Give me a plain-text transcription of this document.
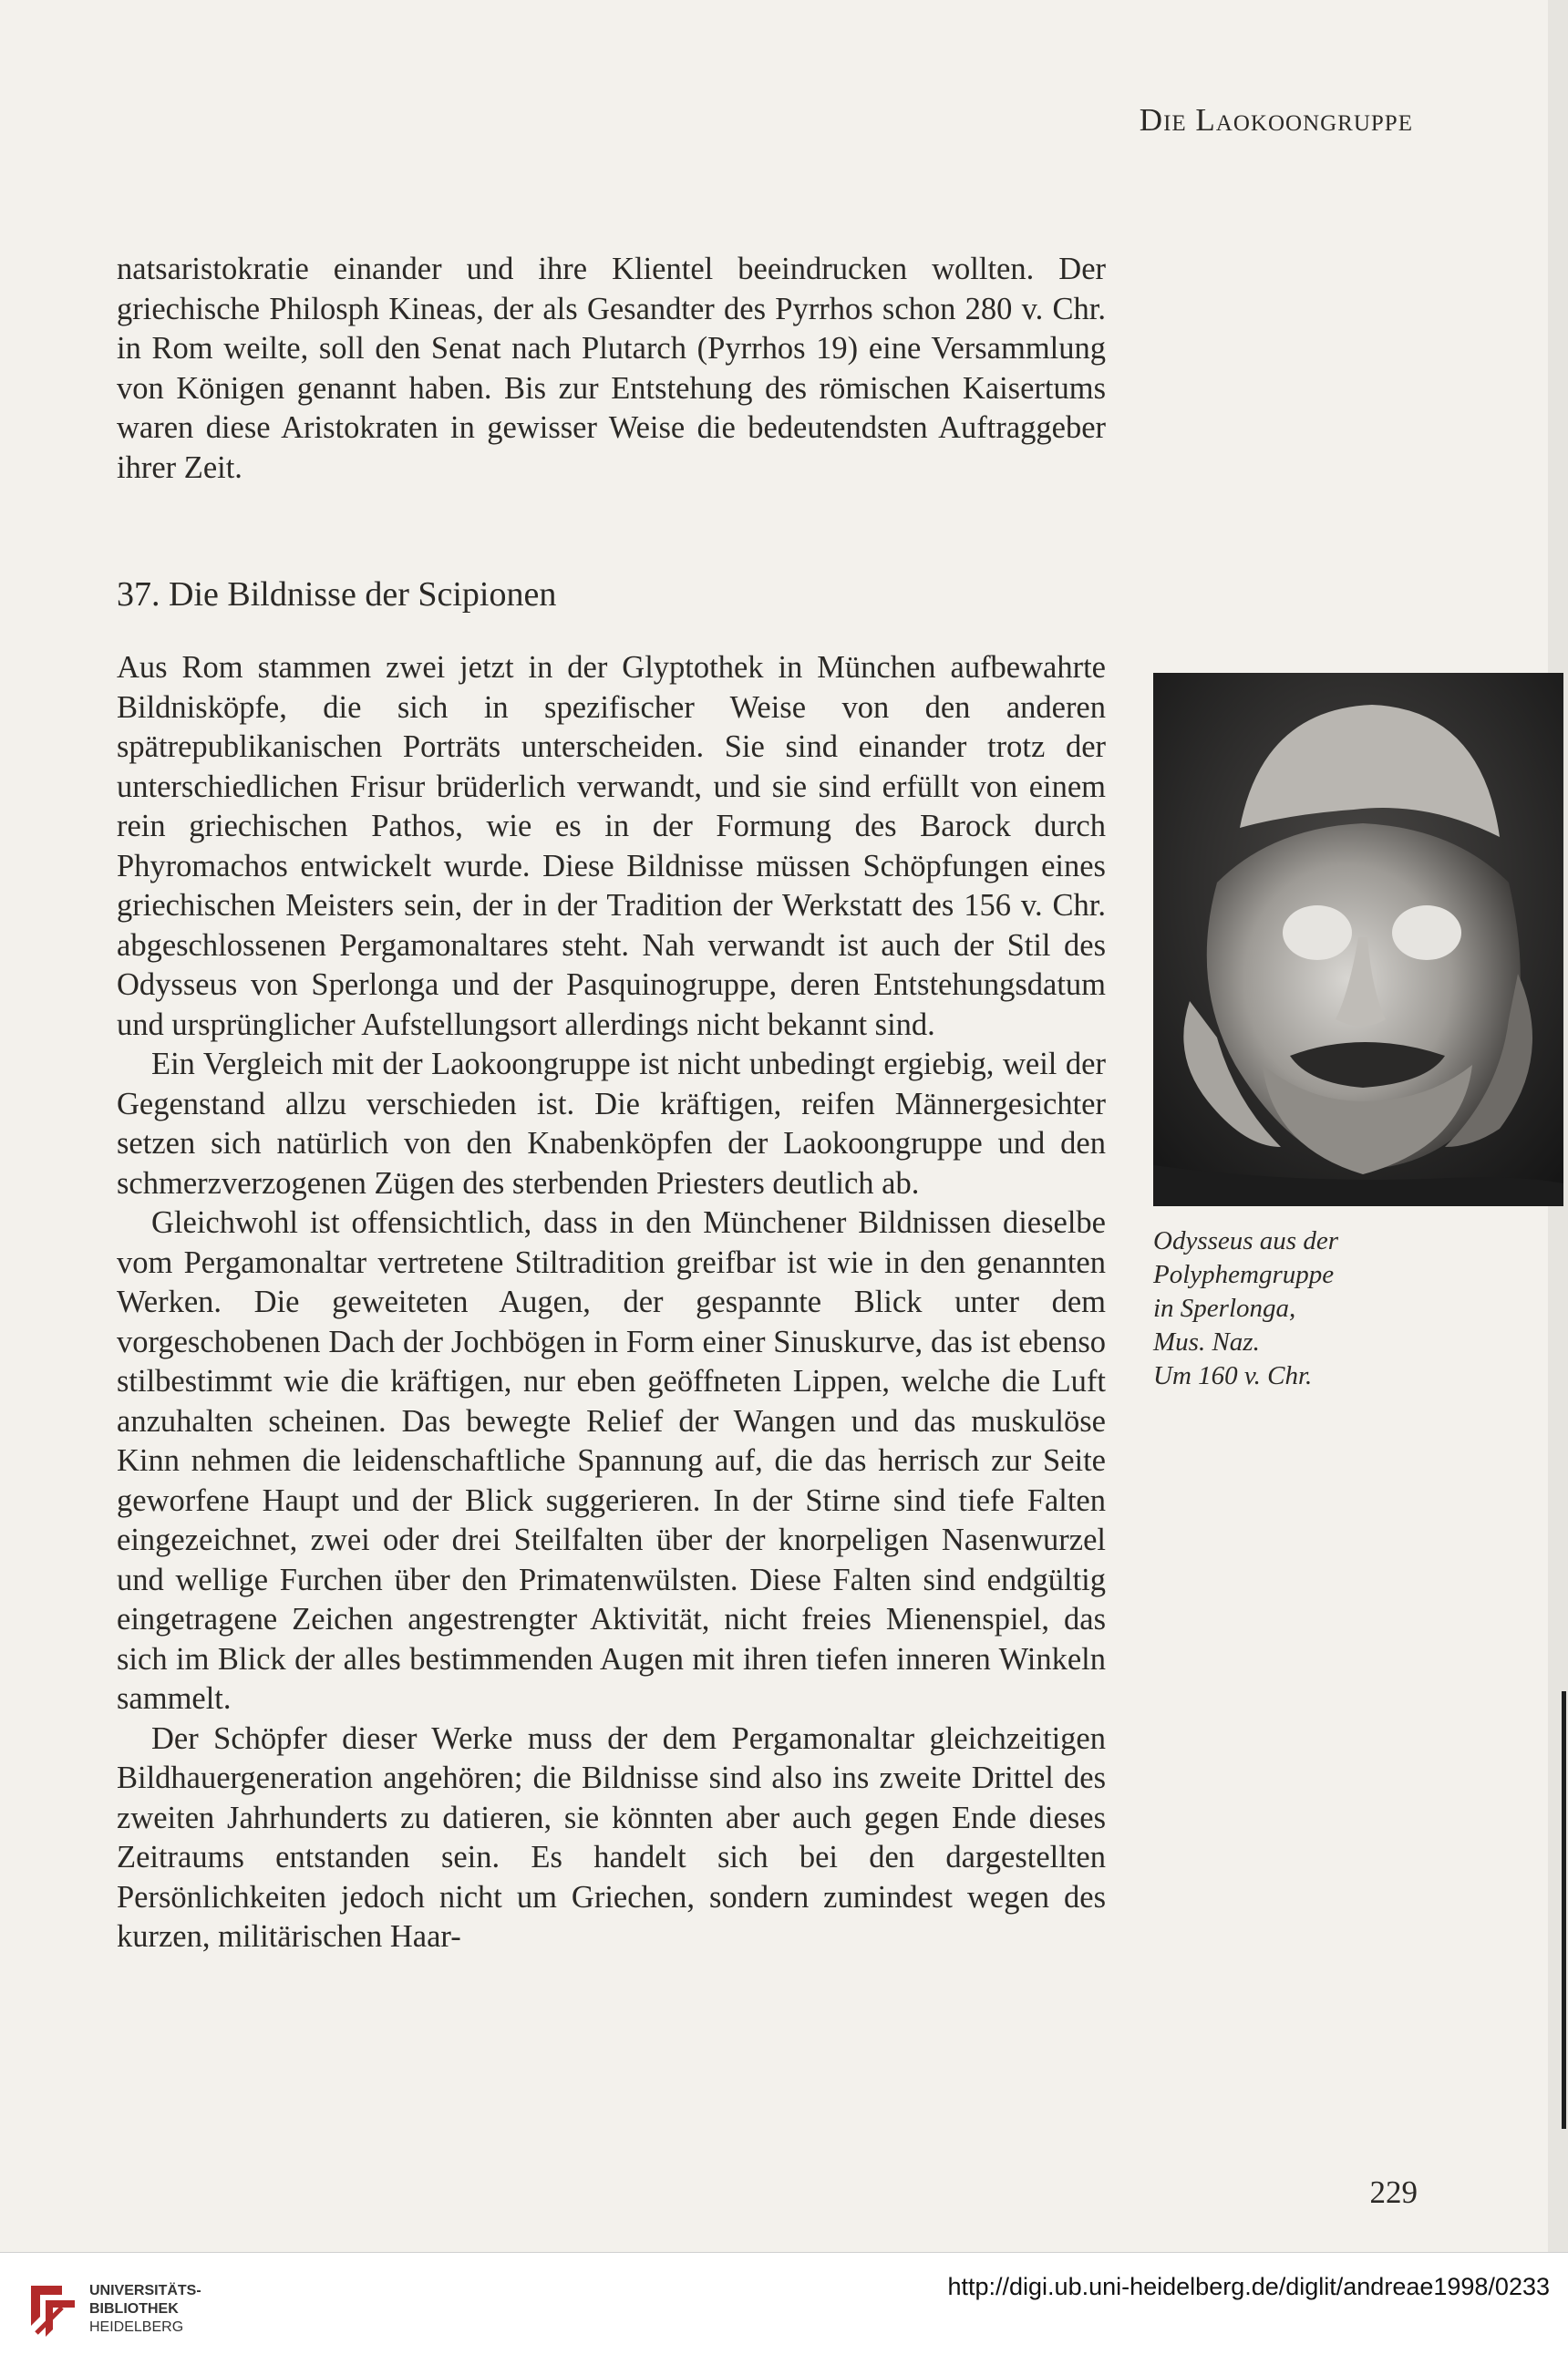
Die Laokoongruppe

natsaristokratie einander und ihre Klientel beeindrucken wollten. Der griechische Philosph Kineas, der als Gesandter des Pyrrhos schon 280 v. Chr. in Rom weilte, soll den Senat nach Plutarch (Pyrrhos 19) eine Versammlung von Königen genannt haben. Bis zur Entstehung des römischen Kaisertums waren diese Aristokraten in gewisser Weise die bedeutendsten Auftraggeber ihrer Zeit.

37. Die Bildnisse der Scipionen

Aus Rom stammen zwei jetzt in der Glyptothek in München aufbewahrte Bildnisköpfe, die sich in spezifischer Weise von den anderen spätrepublikanischen Porträts unterscheiden. Sie sind einander trotz der unterschiedlichen Frisur brüderlich verwandt, und sie sind erfüllt von einem rein griechischen Pathos, wie es in der Formung des Barock durch Phyromachos entwickelt wurde. Diese Bildnisse müssen Schöpfungen eines griechischen Meisters sein, der in der Tradition der Werkstatt des 156 v. Chr. abgeschlossenen Pergamonaltares steht. Nah verwandt ist auch der Stil des Odysseus von Sperlonga und der Pasquinogruppe, deren Entstehungsdatum und ursprünglicher Aufstellungsort allerdings nicht bekannt sind.

Ein Vergleich mit der Laokoongruppe ist nicht unbedingt ergiebig, weil der Gegenstand allzu verschieden ist. Die kräftigen, reifen Männergesichter setzen sich natürlich von den Knabenköpfen der Laokoongruppe und den schmerzverzogenen Zügen des sterbenden Priesters deutlich ab.

Gleichwohl ist offensichtlich, dass in den Münchener Bildnissen dieselbe vom Pergamonaltar vertretene Stiltradition greifbar ist wie in den genannten Werken. Die geweiteten Augen, der gespannte Blick unter dem vorgeschobenen Dach der Jochbögen in Form einer Sinuskurve, das ist ebenso stilbestimmt wie die kräftigen, nur eben geöffneten Lippen, welche die Luft anzuhalten scheinen. Das bewegte Relief der Wangen und das muskulöse Kinn nehmen die leidenschaftliche Spannung auf, die das herrisch zur Seite geworfene Haupt und der Blick suggerieren. In der Stirne sind tiefe Falten eingezeichnet, zwei oder drei Steilfalten über der knorpeligen Nasenwurzel und wellige Furchen über den Primatenwülsten. Diese Falten sind endgültig eingetragene Zeichen angestrengter Aktivität, nicht freies Mienenspiel, das sich im Blick der alles bestimmenden Augen mit ihren tiefen inneren Winkeln sammelt.

Der Schöpfer dieser Werke muss der dem Pergamonaltar gleichzeitigen Bildhauergeneration angehören; die Bildnisse sind also ins zweite Drittel des zweiten Jahrhunderts zu datieren, sie könnten aber auch gegen Ende dieses Zeitraums entstanden sein. Es handelt sich bei den dargestellten Persönlichkeiten jedoch nicht um Griechen, sondern zumindest wegen des kurzen, militärischen Haar-

Odysseus aus der
Polyphemgruppe
in Sperlonga,
Mus. Naz.
Um 160 v. Chr.
229
UNIVERSITÄTS-
BIBLIOTHEK
HEIDELBERG
http://digi.ub.uni-heidelberg.de/diglit/andreae1998/0233
